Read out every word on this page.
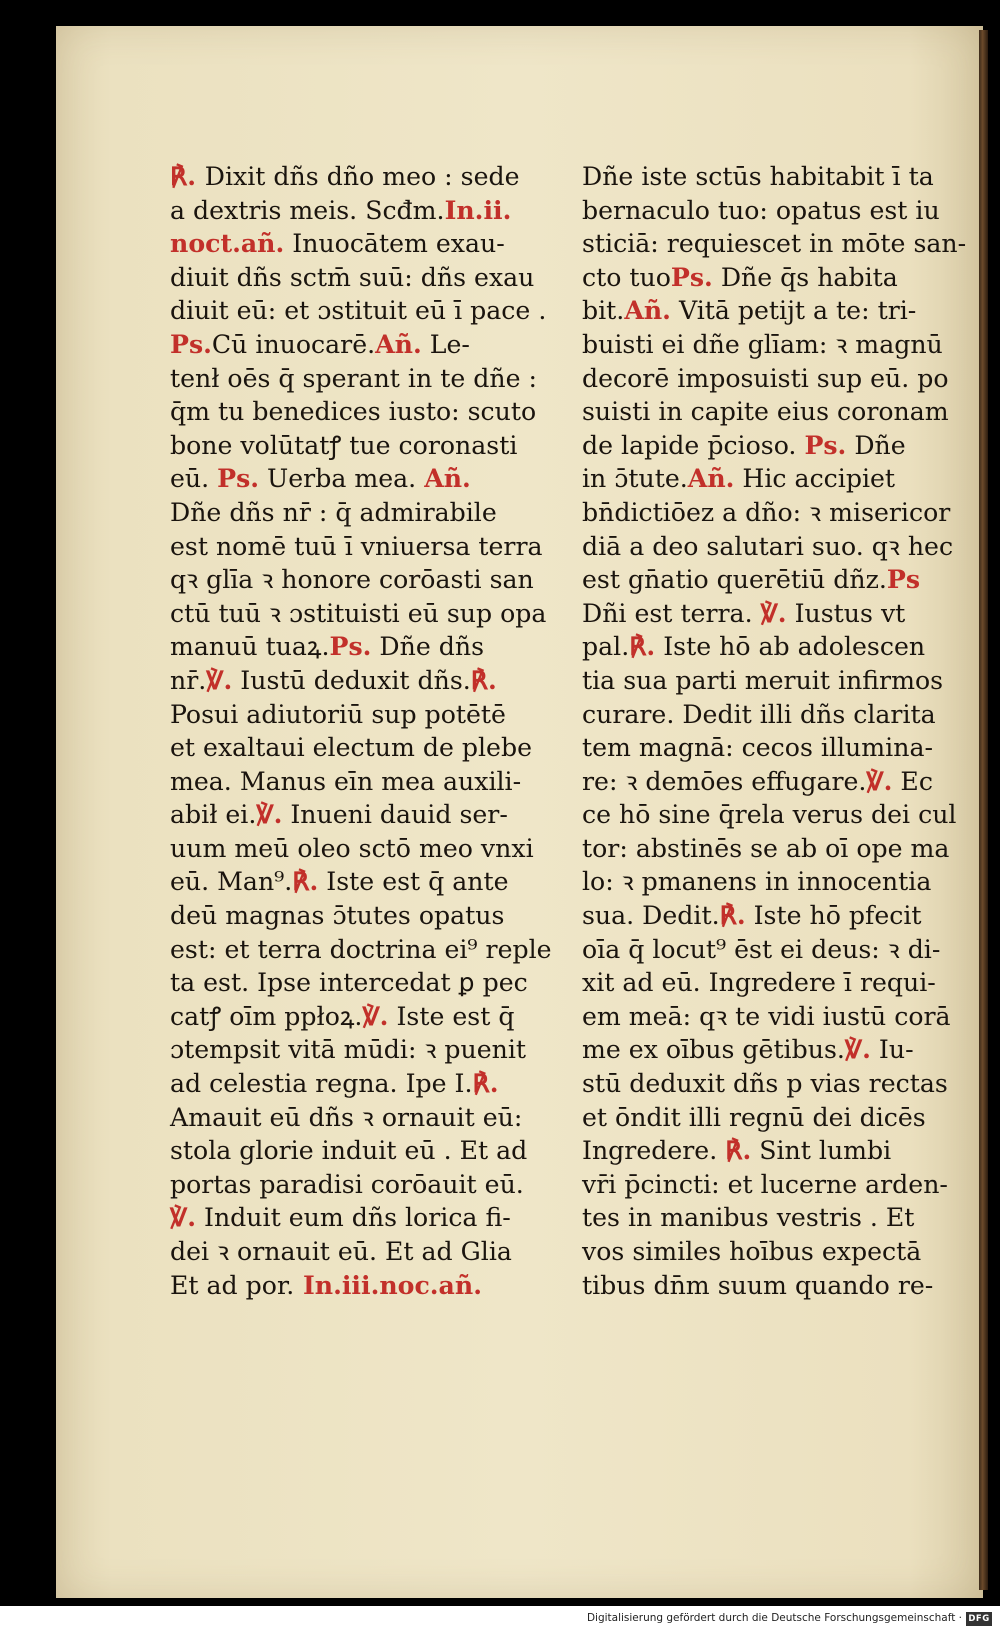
℟. Dixit dñs dño meo : sede
a dextris meis. Scđm.In.ii.
noct.añ. Inuocātem exau-
diuit dñs sctm̄ suū: dñs exau
diuit eū: et ɔstituit eū ī pace .
Ps.Cū inuocarē.Añ. Le-
tenł oēs q̄ sperant in te dñe :
q̄m tu benedices iusto: scuto
bone volūtatꝭ tue coronasti
eū. Ps. Uerba mea. Añ.
Dñe dñs nr̄ : q̄ admirabile
est nomē tuū ī vniuersa terra
qꝛ glīa ꝛ honore corōasti san
ctū tuū ꝛ ɔstituisti eū sup opa
manuū tuaꝝ.Ps. Dñe dñs
nr̄.℣. Iustū deduxit dñs.℟.
Posui adiutoriū sup potētē
et exaltaui electum de plebe
mea. Manus eīn mea auxili-
abił ei.℣. Inueni dauid ser-
uum meū oleo sctō meo vnxi
eū. Man⁹.℟. Iste est q̄ ante
deū magnas ɔ̄tutes opatus
est: et terra doctrina ei⁹ reple
ta est. Ipse intercedat ꝑ pec
catꝭ oīm ppłoꝝ.℣. Iste est q̄
ɔtempsit vitā mūdi: ꝛ puenit
ad celestia regna. Ipe I.℟.
Amauit eū dñs ꝛ ornauit eū:
stola glorie induit eū . Et ad
portas paradisi corōauit eū.
℣. Induit eum dñs lorica fi-
dei ꝛ ornauit eū. Et ad Glia
Et ad por. In.iii.noc.añ.
Dñe iste sctūs habitabit ī ta
bernaculo tuo: opatus est iu
sticiā: requiescet in mōte san-
cto tuoPs. Dñe q̄s habita
bit.Añ. Vitā petijt a te: tri-
buisti ei dñe glīam: ꝛ magnū
decorē imposuisti sup eū. po
suisti in capite eius coronam
de lapide p̄cioso. Ps. Dñe
in ɔ̄tute.Añ. Hic accipiet
bn̄dictiōez a dño: ꝛ misericor
diā a deo salutari suo. qꝛ hec
est gn̄atio querētiū dñz.Ps
Dñi est terra. ℣. Iustus vt
pal.℟. Iste hō ab adolescen
tia sua parti meruit infirmos
curare. Dedit illi dñs clarita
tem magnā: cecos illumina-
re: ꝛ demōes effugare.℣. Ec
ce hō sine q̄rela verus dei cul
tor: abstinēs se ab oī ope ma
lo: ꝛ pmanens in innocentia
sua. Dedit.℟. Iste hō pfecit
oīa q̄ locut⁹ ēst ei deus: ꝛ di-
xit ad eū. Ingredere ī requi-
em meā: qꝛ te vidi iustū corā
me ex oībus gētibus.℣. Iu-
stū deduxit dñs p vias rectas
et ōndit illi regnū dei dicēs
Ingredere. ℟. Sint lumbi
vr̄i p̄cincti: et lucerne arden-
tes in manibus vestris . Et
vos similes hoībus expectā
tibus dn̄m suum quando re-
Digitalisierung gefördert durch die Deutsche Forschungsgemeinschaft · DFG
